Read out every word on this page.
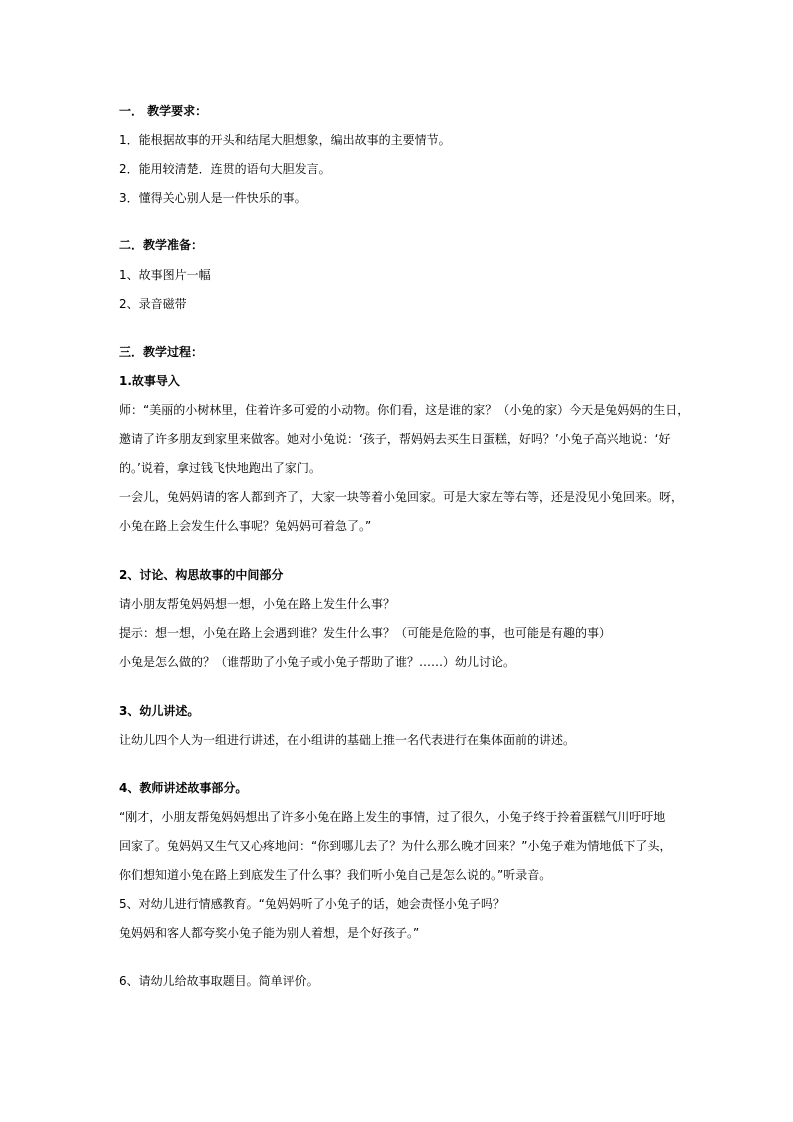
一． 教学要求：
1．能根据故事的开头和结尾大胆想象，编出故事的主要情节。
2．能用较清楚．连贯的语句大胆发言。
3．懂得关心别人是一件快乐的事。
二．教学准备：
1、故事图片一幅
2、录音磁带
三．教学过程：
1.故事导入
师：“美丽的小树林里，住着许多可爱的小动物。你们看，这是谁的家？（小兔的家）今天是兔妈妈的生日，
邀请了许多朋友到家里来做客。她对小兔说：‘孩子，帮妈妈去买生日蛋糕，好吗？’小兔子高兴地说：‘好
的。’说着，拿过钱飞快地跑出了家门。
一会儿，兔妈妈请的客人都到齐了，大家一块等着小兔回家。可是大家左等右等，还是没见小兔回来。呀，
小兔在路上会发生什么事呢？兔妈妈可着急了。”
2、讨论、构思故事的中间部分
请小朋友帮兔妈妈想一想，小兔在路上发生什么事？
提示：想一想，小兔在路上会遇到谁？发生什么事？（可能是危险的事，也可能是有趣的事）
小兔是怎么做的？（谁帮助了小兔子或小兔子帮助了谁？……）幼儿讨论。
3、幼儿讲述。
让幼儿四个人为一组进行讲述，在小组讲的基础上推一名代表进行在集体面前的讲述。
4、教师讲述故事部分。
“刚才，小朋友帮兔妈妈想出了许多小兔在路上发生的事情，过了很久，小兔子终于拎着蛋糕气川吁吁地
回家了。兔妈妈又生气又心疼地问：“你到哪儿去了？为什么那么晚才回来？”小兔子难为情地低下了头，
你们想知道小兔在路上到底发生了什么事？我们听小兔自己是怎么说的。”听录音。
5、对幼儿进行情感教育。“兔妈妈听了小兔子的话，她会责怪小兔子吗？
兔妈妈和客人都夸奖小兔子能为别人着想，是个好孩子。”
6、请幼儿给故事取题目。简单评价。
